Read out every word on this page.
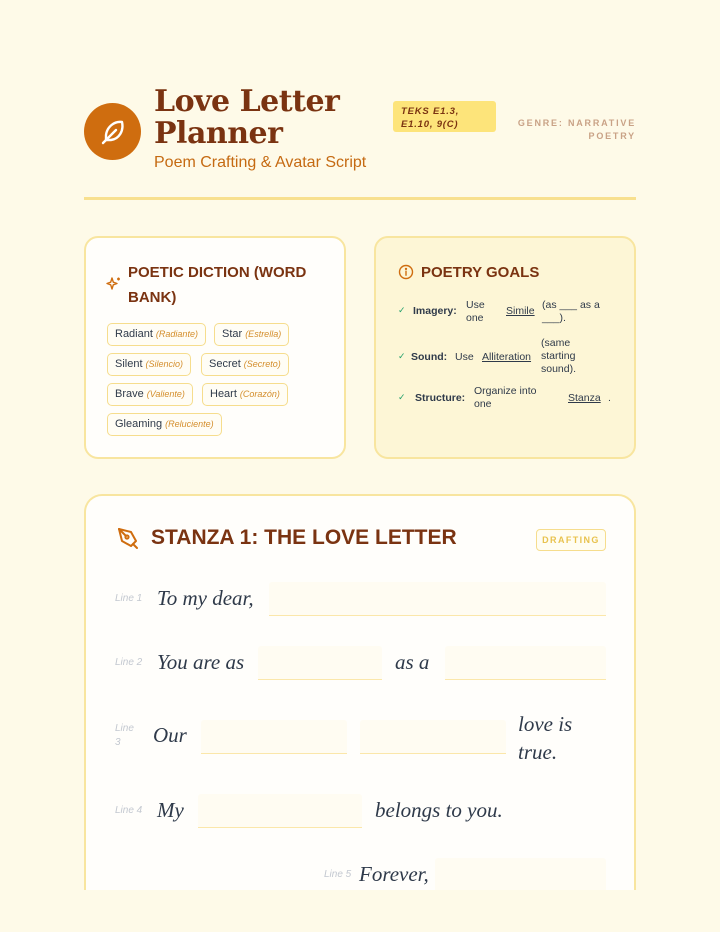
Love Letter Planner
Poem Crafting & Avatar Script
TEKS E1.3, E1.10, 9(C)	GENRE: NARRATIVE POETRY
POETIC DICTION (WORD BANK)
Radiant (Radiante)	Star (Estrella)
Silent (Silencio)	Secret (Secreto)
Brave (Valiente)	Heart (Corazón)
Gleaming (Reluciente)
POETRY GOALS
✓ Imagery: Use one
Simile (as ___ as a ___).
✓ Sound: Use Alliteration
(same starting sound).
✓ Structure:
Organize into one	Stanza .
STANZA 1: THE LOVE LETTER	DRAFTING
Line 1 To my dear,
Line 2 You are as	as a
Line 3	Our	love is true.
Line 4 My	belongs to you.
Line 5 Forever,
